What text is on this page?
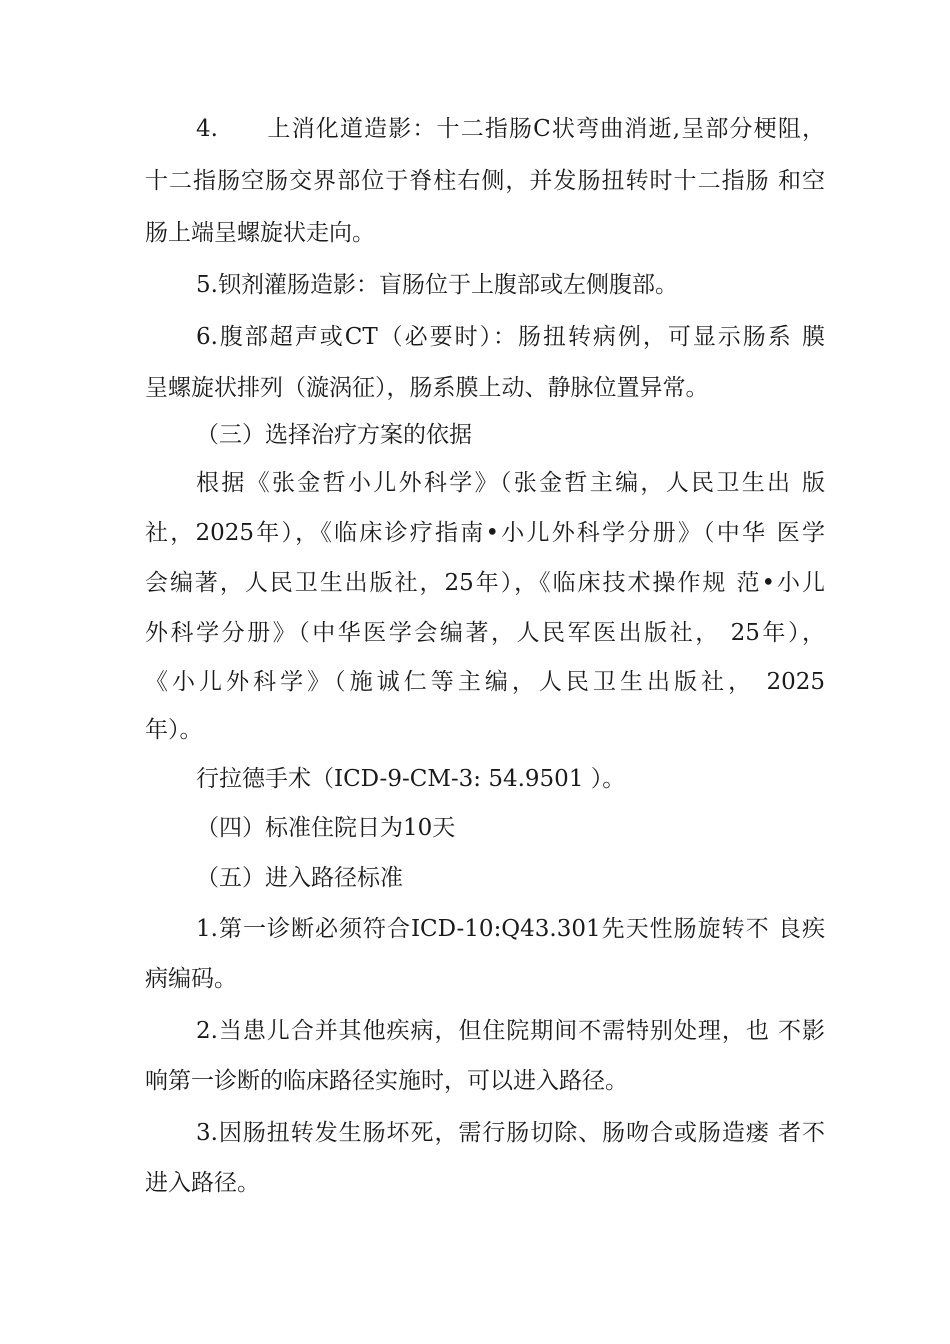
4.　　上消化道造影：十二指肠C状弯曲消逝,呈部分梗阻，
十二指肠空肠交界部位于脊柱右侧，并发肠扭转时十二指肠 和空
肠上端呈螺旋状走向。
5.钡剂灌肠造影：盲肠位于上腹部或左侧腹部。
6.腹部超声或CT（必要时）：肠扭转病例，可显示肠系 膜
呈螺旋状排列（漩涡征），肠系膜上动、静脉位置异常。
（三）选择治疗方案的依据
根据《张金哲小儿外科学》（张金哲主编，人民卫生出 版
社，2025年），《临床诊疗指南•小儿外科学分册》（中华 医学
会编著，人民卫生出版社，25年），《临床技术操作规 范•小儿
外科学分册》（中华医学会编著，人民军医出版社， 25年），
《小儿外科学》（施诚仁等主编，人民卫生出版社， 2025
年）。
行拉德手术（ICD-9-CM-3: 54.9501 ）。
（四）标准住院日为10天
（五）进入路径标准
1.第一诊断必须符合ICD-10:Q43.301先天性肠旋转不 良疾
病编码。
2.当患儿合并其他疾病，但住院期间不需特别处理，也 不影
响第一诊断的临床路径实施时，可以进入路径。
3.因肠扭转发生肠坏死，需行肠切除、肠吻合或肠造瘘 者不
进入路径。
